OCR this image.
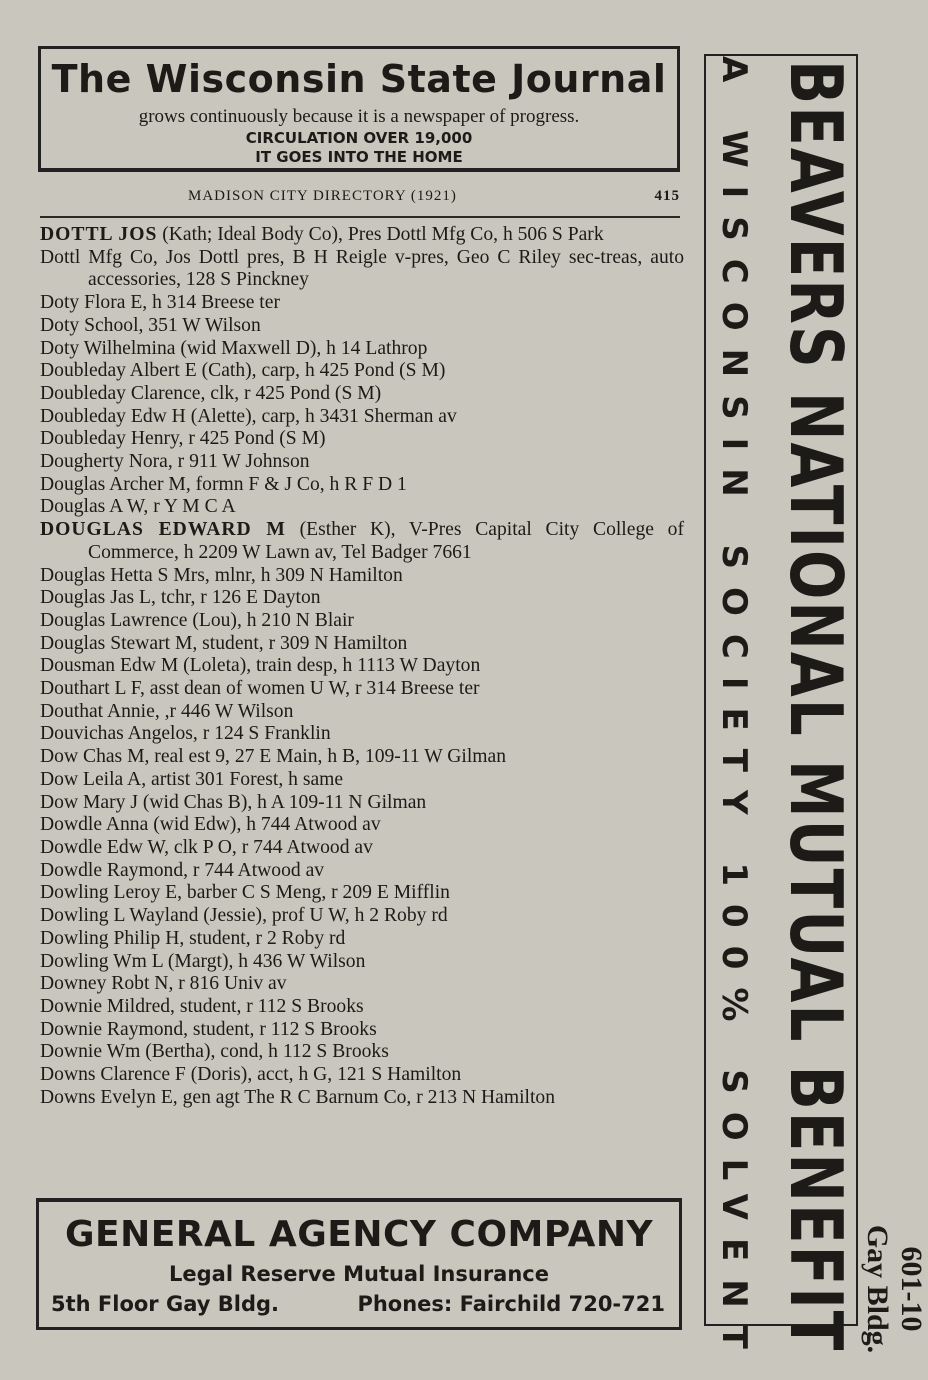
The Wisconsin State Journal
grows continuously because it is a newspaper of progress.
CIRCULATION OVER 19,000
IT GOES INTO THE HOME
MADISON CITY DIRECTORY (1921)	415
DOTTL JOS (Kath; Ideal Body Co), Pres Dottl Mfg Co, h 506 S Park
Dottl Mfg Co, Jos Dottl pres, B H Reigle v-pres, Geo C Riley sec-treas, auto accessories, 128 S Pinckney
Doty Flora E, h 314 Breese ter
Doty School, 351 W Wilson
Doty Wilhelmina (wid Maxwell D), h 14 Lathrop
Doubleday Albert E (Cath), carp, h 425 Pond (S M)
Doubleday Clarence, clk, r 425 Pond (S M)
Doubleday Edw H (Alette), carp, h 3431 Sherman av
Doubleday Henry, r 425 Pond (S M)
Dougherty Nora, r 911 W Johnson
Douglas Archer M, formn F & J Co, h R F D 1
Douglas A W, r Y M C A
DOUGLAS EDWARD M (Esther K), V-Pres Capital City College of Commerce, h 2209 W Lawn av, Tel Badger 7661
Douglas Hetta S Mrs, mlnr, h 309 N Hamilton
Douglas Jas L, tchr, r 126 E Dayton
Douglas Lawrence (Lou), h 210 N Blair
Douglas Stewart M, student, r 309 N Hamilton
Dousman Edw M (Loleta), train desp, h 1113 W Dayton
Douthart L F, asst dean of women U W, r 314 Breese ter
Douthat Annie, ,r 446 W Wilson
Douvichas Angelos, r 124 S Franklin
Dow Chas M, real est 9, 27 E Main, h B, 109-11 W Gilman
Dow Leila A, artist 301 Forest, h same
Dow Mary J (wid Chas B), h A 109-11 N Gilman
Dowdle Anna (wid Edw), h 744 Atwood av
Dowdle Edw W, clk P O, r 744 Atwood av
Dowdle Raymond, r 744 Atwood av
Dowling Leroy E, barber C S Meng, r 209 E Mifflin
Dowling L Wayland (Jessie), prof U W, h 2 Roby rd
Dowling Philip H, student, r 2 Roby rd
Dowling Wm L (Margt), h 436 W Wilson
Downey Robt N, r 816 Univ av
Downie Mildred, student, r 112 S Brooks
Downie Raymond, student, r 112 S Brooks
Downie Wm (Bertha), cond, h 112 S Brooks
Downs Clarence F (Doris), acct, h G, 121 S Hamilton
Downs Evelyn E, gen agt The R C Barnum Co, r 213 N Hamilton
GENERAL AGENCY COMPANY
Legal Reserve Mutual Insurance
5th Floor Gay Bldg.	Phones: Fairchild 720-721 A WISCONSIN SOCIETY 100% SOLVENT BEAVERS NATIONAL MUTUAL BENEFIT 601-10
Gay Bldg.
